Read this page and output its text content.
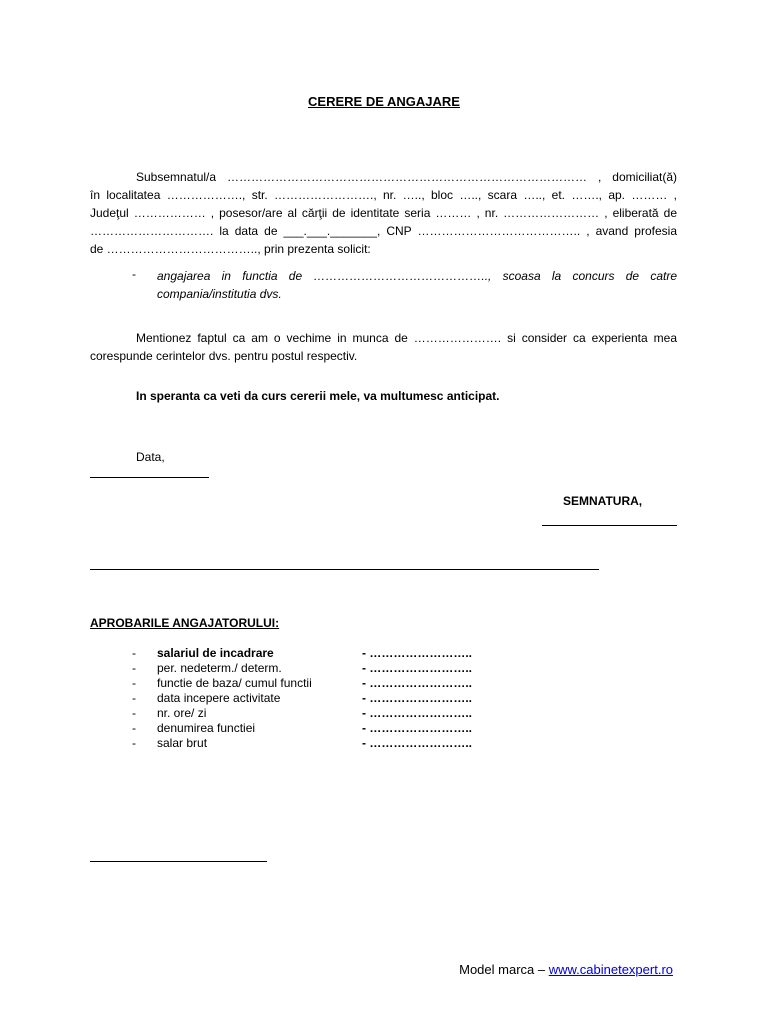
CERERE DE ANGAJARE

Subsemnatul/a ……………………………………………………………………………… , domiciliat(ă)

în localitatea ………………., str. ……………………., nr. ….., bloc ….., scara ….., et. ……., ap. ……… ,
Judeţul ……………… , posesor/are al cărţii de identitate seria ……… , nr. …………………… , eliberată de
…………………………. la data de ___.___._______, CNP ………………………………….. , avand profesia
de ……………………………….., prin prezenta solicit:
- angajarea in functia de …………………………………….., scoasa la concurs de catre
compania/institutia dvs.

Mentionez faptul ca am o vechime in munca de …………………. si consider ca experienta mea

corespunde cerintelor dvs. pentru postul respectiv.
In speranta ca veti da curs cererii mele, va multumesc anticipat.
Data,
SEMNATURA,
APROBARILE ANGAJATORULUI:
- salariul de incadrare	- ……………………..
- per. nedeterm./ determ.	- ……………………..
- functie de baza/ cumul functii	- ……………………..
- data incepere activitate	- ……………………..
- nr. ore/ zi	- ……………………..
- denumirea functiei	- ……………………..
- salar brut	- ……………………..
Model marca – www.cabinetexpert.ro
